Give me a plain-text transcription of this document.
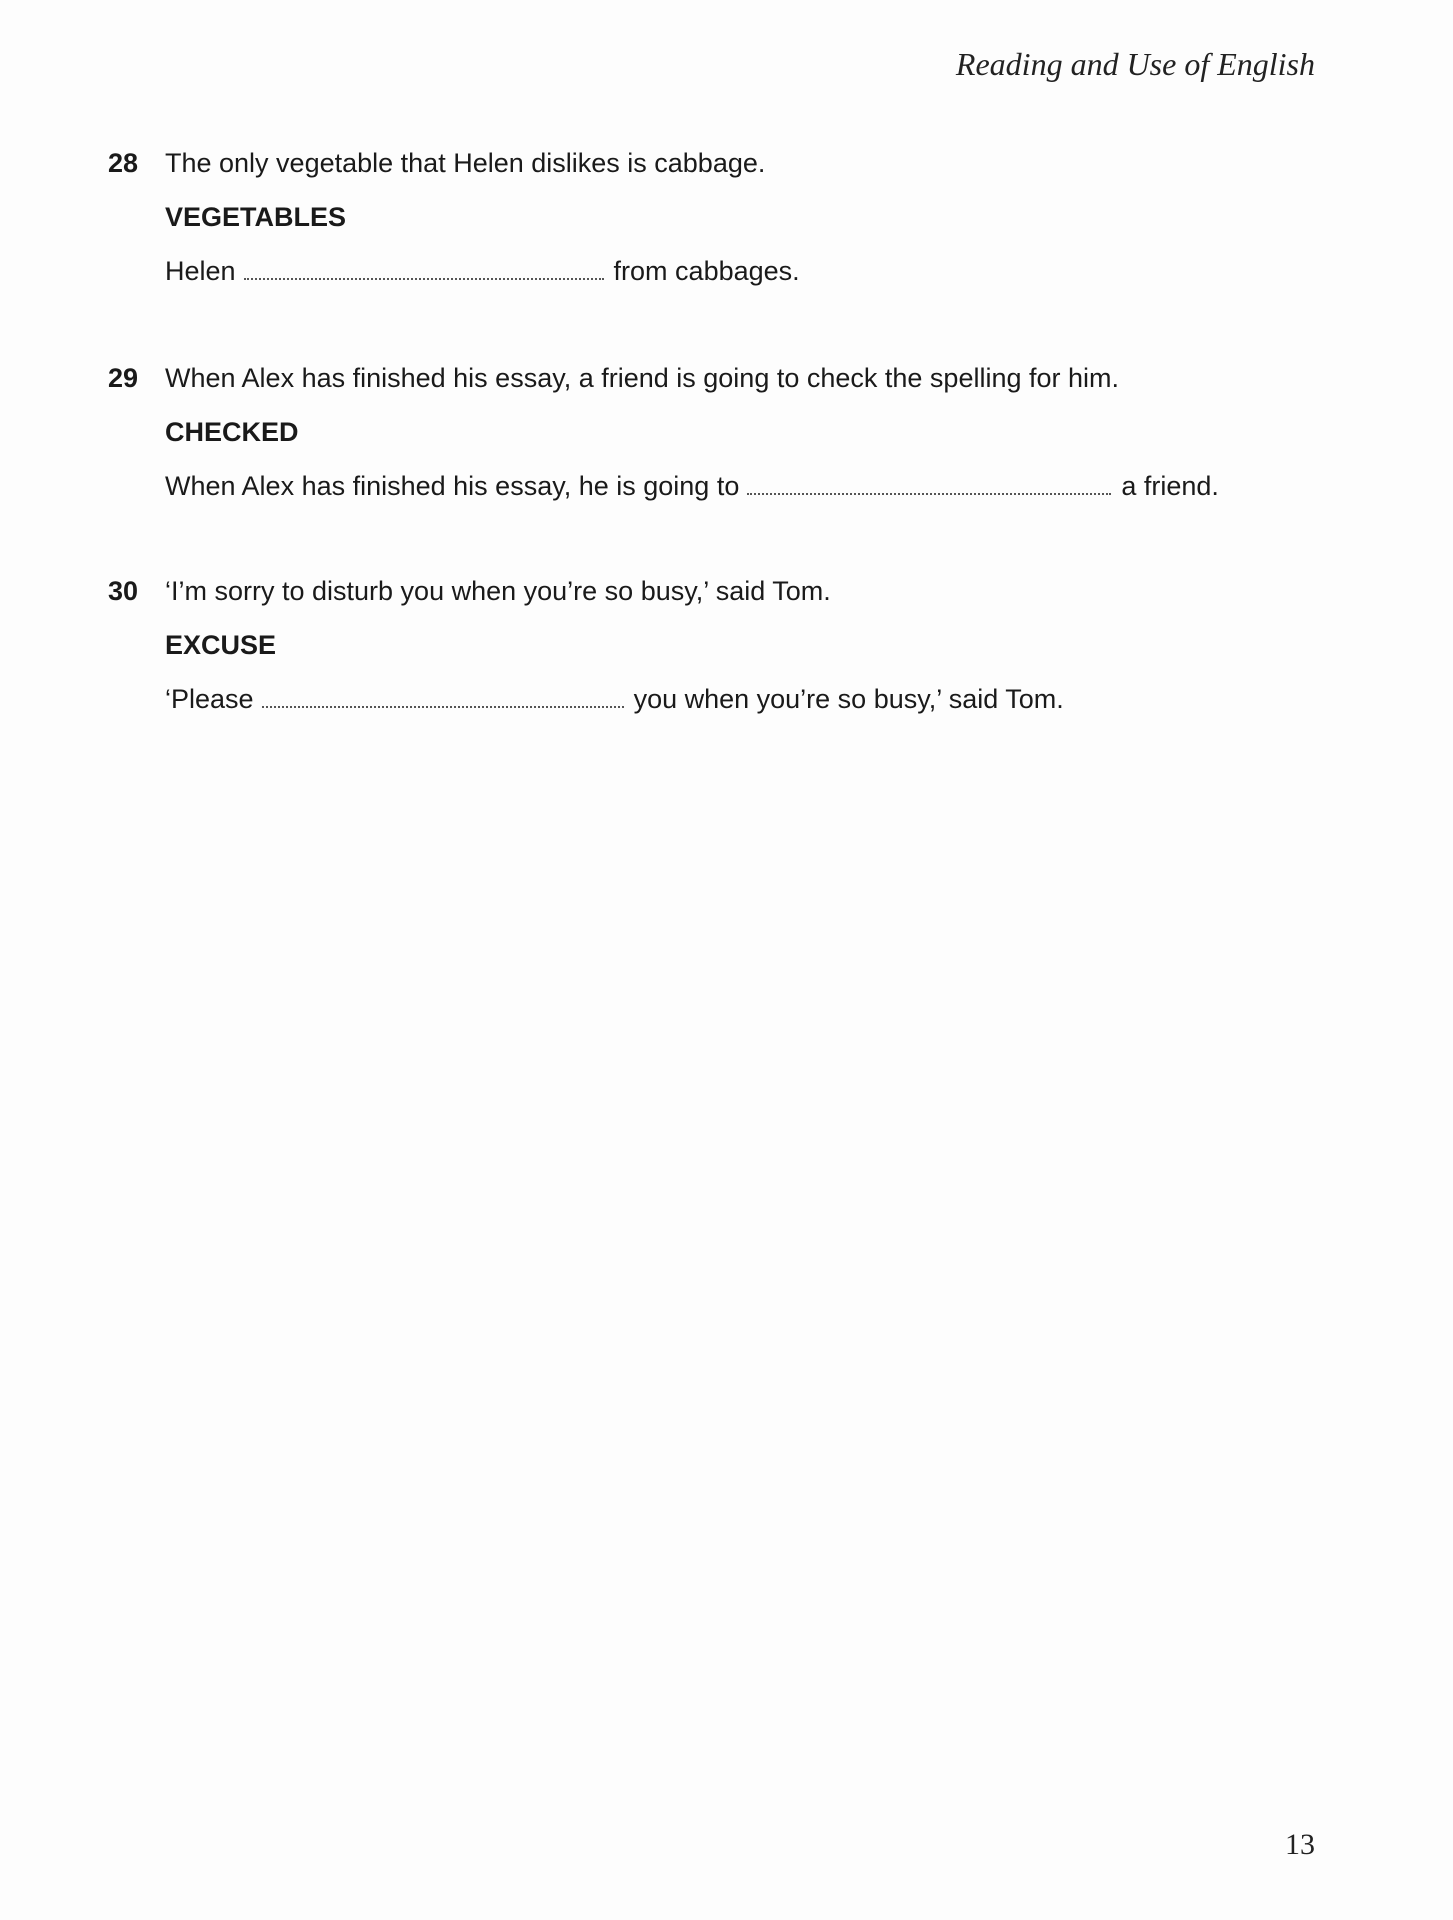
Reading and Use of English
28 The only vegetable that Helen dislikes is cabbage.

VEGETABLES
Helen	from cabbages.
29 When Alex has finished his essay, a friend is going to check the spelling for him.

CHECKED
When Alex has finished his essay, he is going to	a friend.
30 ‘I’m sorry to disturb you when you’re so busy,’ said Tom.

EXCUSE
‘Please	you when you’re so busy,’ said Tom.
13
